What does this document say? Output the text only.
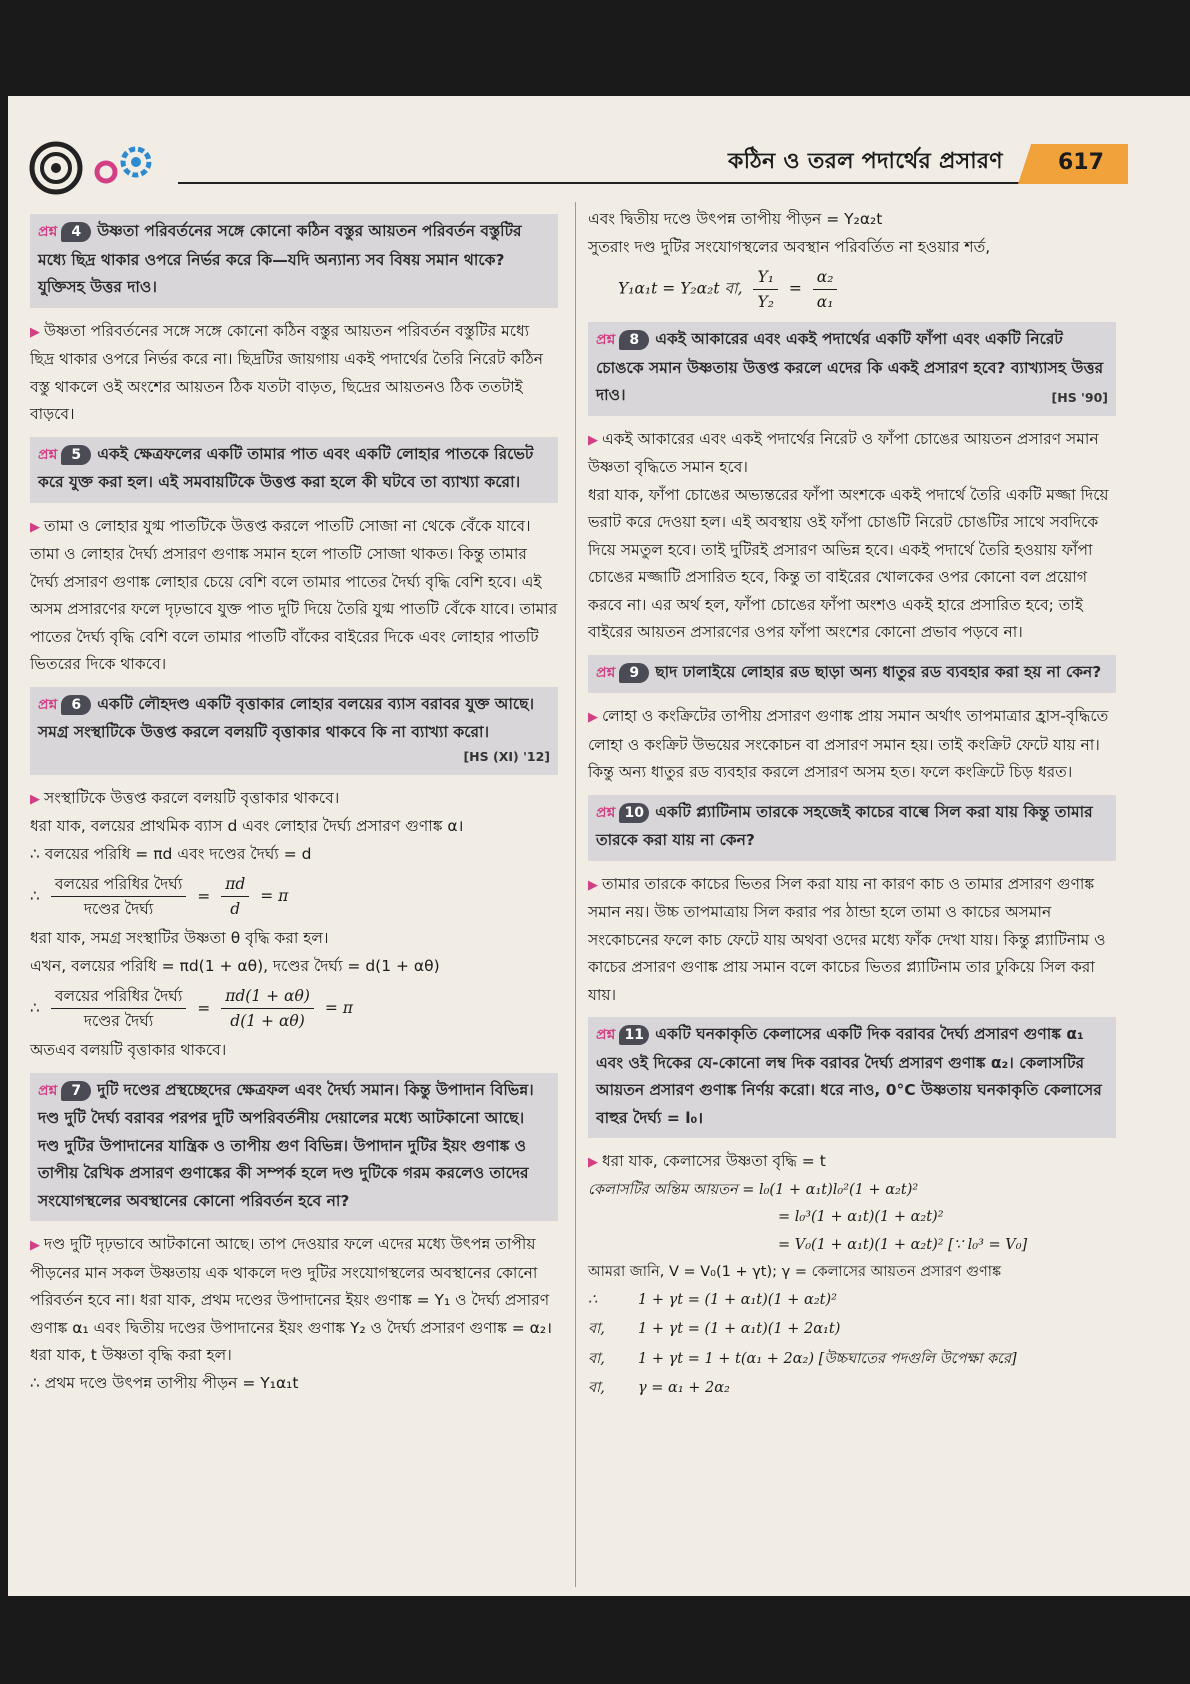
কঠিন ও তরল পদার্থের প্রসারণ	617
প্রশ্ন 4 উষ্ণতা পরিবর্তনের সঙ্গে কোনো কঠিন বস্তুর আয়তন পরিবর্তন বস্তুটির মধ্যে ছিদ্র থাকার ওপরে নির্ভর করে কি—যদি অন্যান্য সব বিষয় সমান থাকে? যুক্তিসহ উত্তর দাও।
▶ উষ্ণতা পরিবর্তনের সঙ্গে সঙ্গে কোনো কঠিন বস্তুর আয়তন পরিবর্তন বস্তুটির মধ্যে ছিদ্র থাকার ওপরে নির্ভর করে না। ছিদ্রটির জায়গায় একই পদার্থের তৈরি নিরেট কঠিন বস্তু থাকলে ওই অংশের আয়তন ঠিক যতটা বাড়ত, ছিদ্রের আয়তনও ঠিক ততটাই বাড়বে।
প্রশ্ন 5 একই ক্ষেত্রফলের একটি তামার পাত এবং একটি লোহার পাতকে রিভেট করে যুক্ত করা হল। এই সমবায়টিকে উত্তপ্ত করা হলে কী ঘটবে তা ব্যাখ্যা করো।
▶ তামা ও লোহার যুগ্ম পাতটিকে উত্তপ্ত করলে পাতটি সোজা না থেকে বেঁকে যাবে।

তামা ও লোহার দৈর্ঘ্য প্রসারণ গুণাঙ্ক সমান হলে পাতটি সোজা থাকত। কিন্তু তামার দৈর্ঘ্য প্রসারণ গুণাঙ্ক লোহার চেয়ে বেশি বলে তামার পাতের দৈর্ঘ্য বৃদ্ধি বেশি হবে। এই অসম প্রসারণের ফলে দৃঢ়ভাবে যুক্ত পাত দুটি দিয়ে তৈরি যুগ্ম পাতটি বেঁকে যাবে। তামার পাতের দৈর্ঘ্য বৃদ্ধি বেশি বলে তামার পাতটি বাঁকের বাইরের দিকে এবং লোহার পাতটি ভিতরের দিকে থাকবে।

প্রশ্ন 6 একটি লৌহদণ্ড একটি বৃত্তাকার লোহার বলয়ের ব্যাস বরাবর যুক্ত আছে। সমগ্র সংস্থাটিকে উত্তপ্ত করলে বলয়টি বৃত্তাকার থাকবে কি না ব্যাখ্যা করো।
[HS (XI) '12]
▶ সংস্থাটিকে উত্তপ্ত করলে বলয়টি বৃত্তাকার থাকবে।

ধরা যাক, বলয়ের প্রাথমিক ব্যাস d এবং লোহার দৈর্ঘ্য প্রসারণ গুণাঙ্ক α।

∴ বলয়ের পরিধি = πd এবং দণ্ডের দৈর্ঘ্য = d

∴ $\frac{\text{বলয়ের পরিধির দৈর্ঘ্য}}{\text{দণ্ডের দৈর্ঘ্য}} = \frac{\pi d}{d} = \pi$

ধরা যাক, সমগ্র সংস্থাটির উষ্ণতা θ বৃদ্ধি করা হল।

এখন, বলয়ের পরিধি = πd(1 + αθ), দণ্ডের দৈর্ঘ্য = d(1 + αθ)

∴ $\frac{\text{বলয়ের পরিধির দৈর্ঘ্য}}{\text{দণ্ডের দৈর্ঘ্য}} = \frac{\pi d(1 + \alpha\theta)}{d(1 + \alpha\theta)} = \pi$

অতএব বলয়টি বৃত্তাকার থাকবে।

প্রশ্ন 7 দুটি দণ্ডের প্রস্থচ্ছেদের ক্ষেত্রফল এবং দৈর্ঘ্য সমান। কিন্তু উপাদান বিভিন্ন। দণ্ড দুটি দৈর্ঘ্য বরাবর পরপর দুটি অপরিবর্তনীয় দেয়ালের মধ্যে আটকানো আছে। দণ্ড দুটির উপাদানের যান্ত্রিক ও তাপীয় গুণ বিভিন্ন। উপাদান দুটির ইয়ং গুণাঙ্ক ও তাপীয় রৈখিক প্রসারণ গুণাঙ্কের কী সম্পর্ক হলে দণ্ড দুটিকে গরম করলেও তাদের সংযোগস্থলের অবস্থানের কোনো পরিবর্তন হবে না?
▶ দণ্ড দুটি দৃঢ়ভাবে আটকানো আছে। তাপ দেওয়ার ফলে এদের মধ্যে উৎপন্ন তাপীয় পীড়নের মান সকল উষ্ণতায় এক থাকলে দণ্ড দুটির সংযোগস্থলের অবস্থানের কোনো পরিবর্তন হবে না। ধরা যাক, প্রথম দণ্ডের উপাদানের ইয়ং গুণাঙ্ক = Y₁ ও দৈর্ঘ্য প্রসারণ গুণাঙ্ক α₁ এবং দ্বিতীয় দণ্ডের উপাদানের ইয়ং গুণাঙ্ক Y₂ ও দৈর্ঘ্য প্রসারণ গুণাঙ্ক = α₂।

ধরা যাক, t উষ্ণতা বৃদ্ধি করা হল।

∴ প্রথম দণ্ডে উৎপন্ন তাপীয় পীড়ন = Y₁α₁t

এবং দ্বিতীয় দণ্ডে উৎপন্ন তাপীয় পীড়ন = Y₂α₂t

সুতরাং দণ্ড দুটির সংযোগস্থলের অবস্থান পরিবর্তিত না হওয়ার শর্ত,

Y₁α₁t = Y₂α₂t বা, $\frac{\text{Y₁}}{\text{Y₂}} = \frac{\text{α₂}}{\text{α₁}}$
প্রশ্ন 8 একই আকারের এবং একই পদার্থের একটি ফাঁপা এবং একটি নিরেট চোঙকে সমান উষ্ণতায় উত্তপ্ত করলে এদের কি একই প্রসারণ হবে? ব্যাখ্যাসহ উত্তর দাও।	[HS '90]
▶ একই আকারের এবং একই পদার্থের নিরেট ও ফাঁপা চোঙের আয়তন প্রসারণ সমান উষ্ণতা বৃদ্ধিতে সমান হবে।

ধরা যাক, ফাঁপা চোঙের অভ্যন্তরের ফাঁপা অংশকে একই পদার্থে তৈরি একটি মজ্জা দিয়ে ভরাট করে দেওয়া হল। এই অবস্থায় ওই ফাঁপা চোঙটি নিরেট চোঙটির সাথে সবদিকে দিয়ে সমতুল হবে। তাই দুটিরই প্রসারণ অভিন্ন হবে। একই পদার্থে তৈরি হওয়ায় ফাঁপা চোঙের মজ্জাটি প্রসারিত হবে, কিন্তু তা বাইরের খোলকের ওপর কোনো বল প্রয়োগ করবে না। এর অর্থ হল, ফাঁপা চোঙের ফাঁপা অংশও একই হারে প্রসারিত হবে; তাই বাইরের আয়তন প্রসারণের ওপর ফাঁপা অংশের কোনো প্রভাব পড়বে না।

প্রশ্ন 9 ছাদ ঢালাইয়ে লোহার রড ছাড়া অন্য ধাতুর রড ব্যবহার করা হয় না কেন?
▶ লোহা ও কংক্রিটের তাপীয় প্রসারণ গুণাঙ্ক প্রায় সমান অর্থাৎ তাপমাত্রার হ্রাস-বৃদ্ধিতে লোহা ও কংক্রিট উভয়ের সংকোচন বা প্রসারণ সমান হয়। তাই কংক্রিট ফেটে যায় না। কিন্তু অন্য ধাতুর রড ব্যবহার করলে প্রসারণ অসম হত। ফলে কংক্রিটে চিড় ধরত।
প্রশ্ন 10 একটি প্ল্যাটিনাম তারকে সহজেই কাচের বাল্বে সিল করা যায় কিন্তু তামার তারকে করা যায় না কেন?
▶ তামার তারকে কাচের ভিতর সিল করা যায় না কারণ কাচ ও তামার প্রসারণ গুণাঙ্ক সমান নয়। উচ্চ তাপমাত্রায় সিল করার পর ঠান্ডা হলে তামা ও কাচের অসমান সংকোচনের ফলে কাচ ফেটে যায় অথবা ওদের মধ্যে ফাঁক দেখা যায়। কিন্তু প্ল্যাটিনাম ও কাচের প্রসারণ গুণাঙ্ক প্রায় সমান বলে কাচের ভিতর প্ল্যাটিনাম তার ঢুকিয়ে সিল করা যায়।
প্রশ্ন 11 একটি ঘনকাকৃতি কেলাসের একটি দিক বরাবর দৈর্ঘ্য প্রসারণ গুণাঙ্ক α₁ এবং ওই দিকের যে-কোনো লম্ব দিক বরাবর দৈর্ঘ্য প্রসারণ গুণাঙ্ক α₂। কেলাসটির আয়তন প্রসারণ গুণাঙ্ক নির্ণয় করো। ধরে নাও, 0°C উষ্ণতায় ঘনকাকৃতি কেলাসের বাহুর দৈর্ঘ্য = l₀।
▶ ধরা যাক, কেলাসের উষ্ণতা বৃদ্ধি = t

কেলাসটির অন্তিম আয়তন = l₀(1 + α₁t)l₀²(1 + α₂t)²

= l₀³(1 + α₁t)(1 + α₂t)²

= V₀(1 + α₁t)(1 + α₂t)² [∵ l₀³ = V₀]

আমরা জানি, V = V₀(1 + γt); γ = কেলাসের আয়তন প্রসারণ গুণাঙ্ক

∴	1 + γt = (1 + α₁t)(1 + α₂t)²
বা,	1 + γt = (1 + α₁t)(1 + 2α₁t)
বা,	1 + γt = 1 + t(α₁ + 2α₂) [উচ্চঘাতের পদগুলি উপেক্ষা করে]
বা,	γ = α₁ + 2α₂
